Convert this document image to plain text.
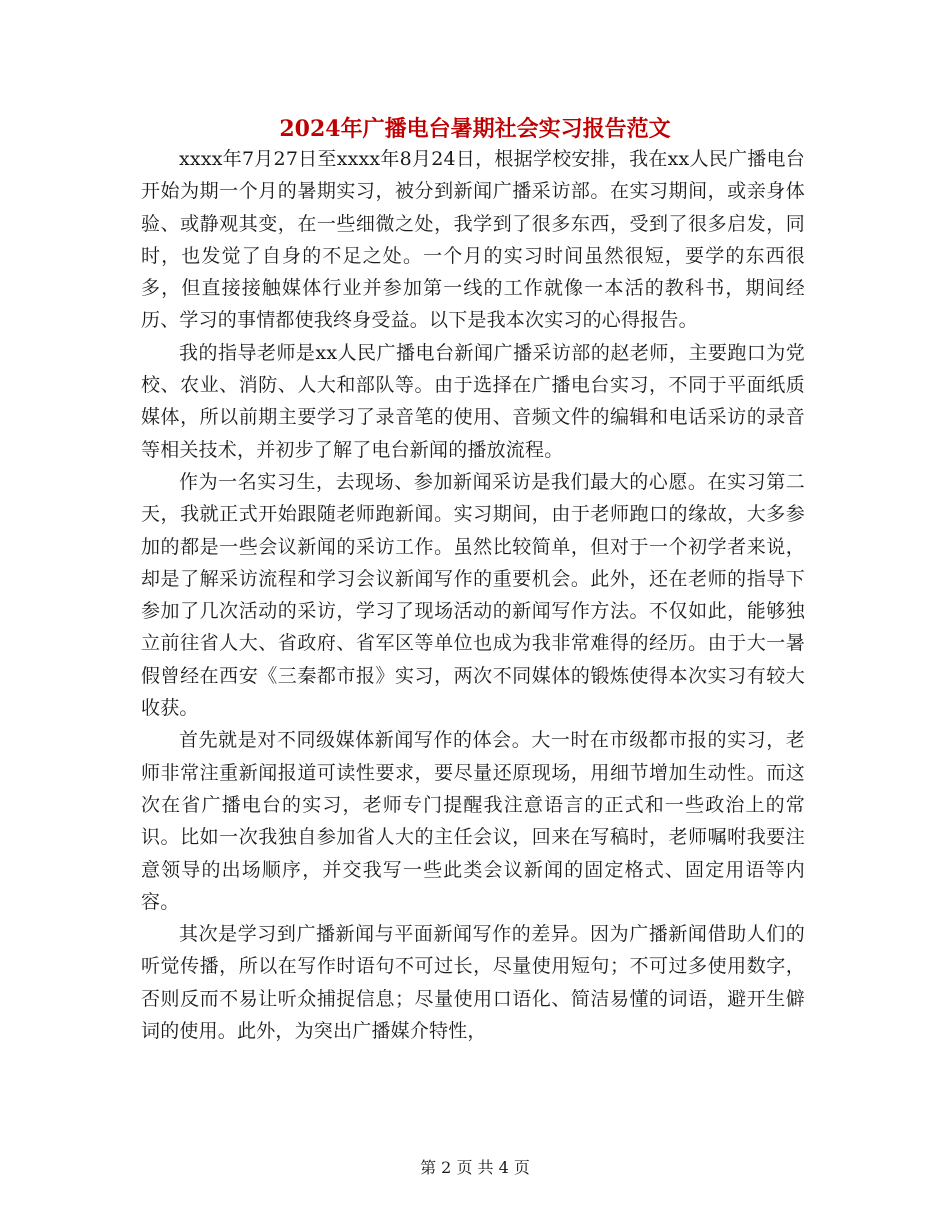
2024年广播电台暑期社会实习报告范文

xxxx年7月27日至xxxx年8月24日，根据学校安排，我在xx人民广播电台开始为期一个月的暑期实习，被分到新闻广播采访部。在实习期间，或亲身体验、或静观其变，在一些细微之处，我学到了很多东西，受到了很多启发，同时，也发觉了自身的不足之处。一个月的实习时间虽然很短，要学的东西很多，但直接接触媒体行业并参加第一线的工作就像一本活的教科书，期间经历、学习的事情都使我终身受益。以下是我本次实习的心得报告。

我的指导老师是xx人民广播电台新闻广播采访部的赵老师，主要跑口为党校、农业、消防、人大和部队等。由于选择在广播电台实习，不同于平面纸质媒体，所以前期主要学习了录音笔的使用、音频文件的编辑和电话采访的录音等相关技术，并初步了解了电台新闻的播放流程。

作为一名实习生，去现场、参加新闻采访是我们最大的心愿。在实习第二天，我就正式开始跟随老师跑新闻。实习期间，由于老师跑口的缘故，大多参加的都是一些会议新闻的采访工作。虽然比较简单，但对于一个初学者来说，却是了解采访流程和学习会议新闻写作的重要机会。此外，还在老师的指导下参加了几次活动的采访，学习了现场活动的新闻写作方法。不仅如此，能够独立前往省人大、省政府、省军区等单位也成为我非常难得的经历。由于大一暑假曾经在西安《三秦都市报》实习，两次不同媒体的锻炼使得本次实习有较大收获。

首先就是对不同级媒体新闻写作的体会。大一时在市级都市报的实习，老师非常注重新闻报道可读性要求，要尽量还原现场，用细节增加生动性。而这次在省广播电台的实习，老师专门提醒我注意语言的正式和一些政治上的常识。比如一次我独自参加省人大的主任会议，回来在写稿时，老师嘱咐我要注意领导的出场顺序，并交我写一些此类会议新闻的固定格式、固定用语等内容。

其次是学习到广播新闻与平面新闻写作的差异。因为广播新闻借助人们的听觉传播，所以在写作时语句不可过长，尽量使用短句；不可过多使用数字，否则反而不易让听众捕捉信息；尽量使用口语化、简洁易懂的词语，避开生僻词的使用。此外，为突出广播媒介特性，

第 2 页 共 4 页
